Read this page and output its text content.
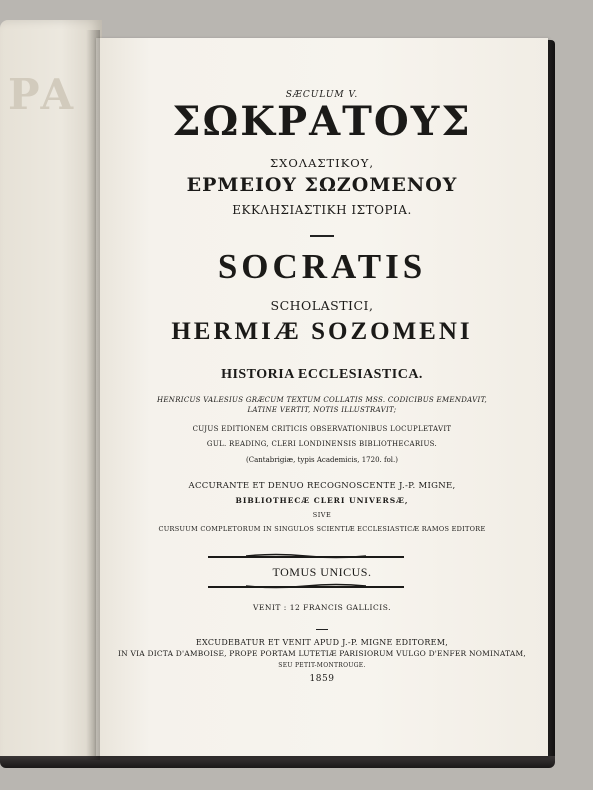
PA	SÆCULUM V.
ΣΩΚΡΑΤΟΥΣ
ΣΧΟΛΑΣΤΙΚΟΥ,
ΕΡΜΕΙΟΥ ΣΩΖΟΜΕΝΟΥ
ΕΚΚΛΗΣΙΑΣΤΙΚΗ ΙΣΤΟΡΙΑ.
SOCRATIS
SCHOLASTICI,
HERMIÆ SOZOMENI
HISTORIA ECCLESIASTICA.
HENRICUS VALESIUS GRÆCUM TEXTUM COLLATIS MSS. CODICIBUS EMENDAVIT,
LATINE VERTIT, NOTIS ILLUSTRAVIT;
CUJUS EDITIONEM CRITICIS OBSERVATIONIBUS LOCUPLETAVIT
GUL. READING, CLERI LONDINENSIS BIBLIOTHECARIUS.
(Cantabrigiæ, typis Academicis, 1720. fol.)
ACCURANTE ET DENUO RECOGNOSCENTE J.-P. MIGNE,
BIBLIOTHECÆ CLERI UNIVERSÆ,
SIVE
CURSUUM COMPLETORUM IN SINGULOS SCIENTIÆ ECCLESIASTICÆ RAMOS EDITORE
TOMUS UNICUS.
VENIT : 12 FRANCIS GALLICIS.
EXCUDEBATUR ET VENIT APUD J.-P. MIGNE EDITOREM,
IN VIA DICTA D'AMBOISE, PROPE PORTAM LUTETIÆ PARISIORUM VULGO D'ENFER NOMINATAM,
SEU PETIT-MONTROUGE.
1859
